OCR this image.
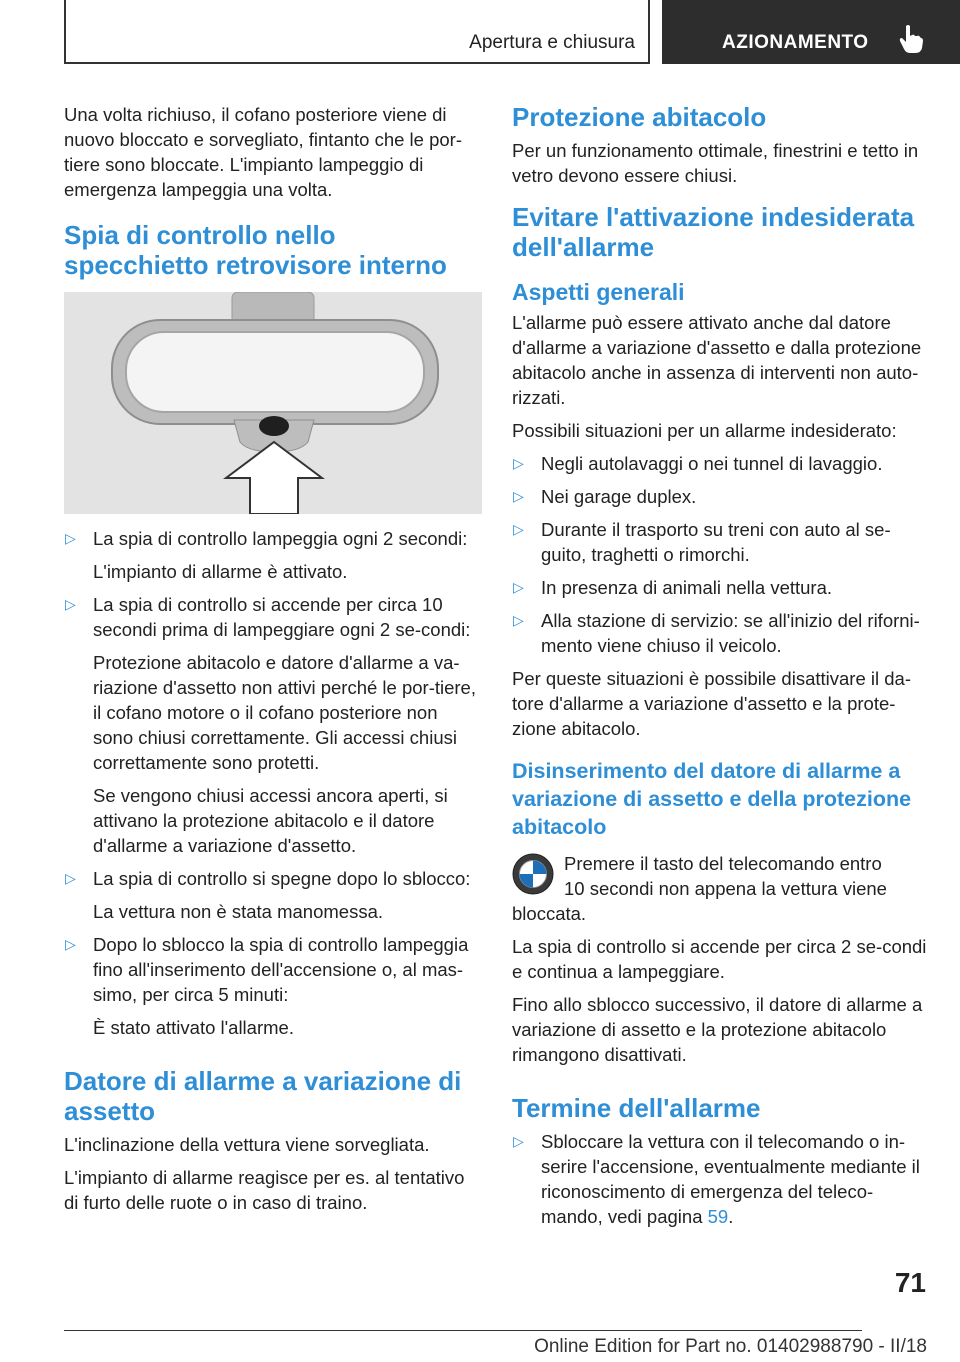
Apertura e chiusura	AZIONAMENTO

Una volta richiuso, il cofano posteriore viene di nuovo bloccato e sorvegliato, fintanto che le por-tiere sono bloccate. L'impianto lampeggio di emergenza lampeggia una volta.

Spia di controllo nello specchietto retrovisore interno
▷ La spia di controllo lampeggia ogni 2 secondi:

L'impianto di allarme è attivato.

▷ La spia di controllo si accende per circa 10 secondi prima di lampeggiare ogni 2 se-condi:

Protezione abitacolo e datore d'allarme a va-riazione d'assetto non attivi perché le por-tiere, il cofano motore o il cofano posteriore non sono chiusi correttamente. Gli accessi chiusi correttamente sono protetti.

Se vengono chiusi accessi ancora aperti, si attivano la protezione abitacolo e il datore d'allarme a variazione d'assetto.

▷ La spia di controllo si spegne dopo lo sblocco:

La vettura non è stata manomessa.

▷ Dopo lo sblocco la spia di controllo lampeggia fino all'inserimento dell'accensione o, al mas-simo, per circa 5 minuti:

È stato attivato l'allarme.

Datore di allarme a variazione di assetto

L'inclinazione della vettura viene sorvegliata.

L'impianto di allarme reagisce per es. al tentativo di furto delle ruote o in caso di traino.

Protezione abitacolo

Per un funzionamento ottimale, finestrini e tetto in vetro devono essere chiusi.

Evitare l'attivazione indesiderata dell'allarme
Aspetti generali

L'allarme può essere attivato anche dal datore d'allarme a variazione d'assetto e dalla protezione abitacolo anche in assenza di interventi non auto-rizzati.

Possibili situazioni per un allarme indesiderato:

▷ Negli autolavaggi o nei tunnel di lavaggio.
▷ Nei garage duplex.
▷ Durante il trasporto su treni con auto al se-guito, traghetti o rimorchi.
▷ In presenza di animali nella vettura.
▷ Alla stazione di servizio: se all'inizio del riforni-mento viene chiuso il veicolo.

Per queste situazioni è possibile disattivare il da-tore d'allarme a variazione d'assetto e la prote-zione abitacolo.

Disinserimento del datore di allarme a variazione di assetto e della protezione abitacolo
Premere il tasto del telecomando entro
10 secondi non appena la vettura viene
bloccata.

La spia di controllo si accende per circa 2 se-condi e continua a lampeggiare.

Fino allo sblocco successivo, il datore di allarme a variazione di assetto e la protezione abitacolo rimangono disattivati.

Termine dell'allarme
▷ Sbloccare la vettura con il telecomando o in-serire l'accensione, eventualmente mediante il riconoscimento di emergenza del teleco-mando, vedi pagina 59.
71
Online Edition for Part no. 01402988790 - II/18
